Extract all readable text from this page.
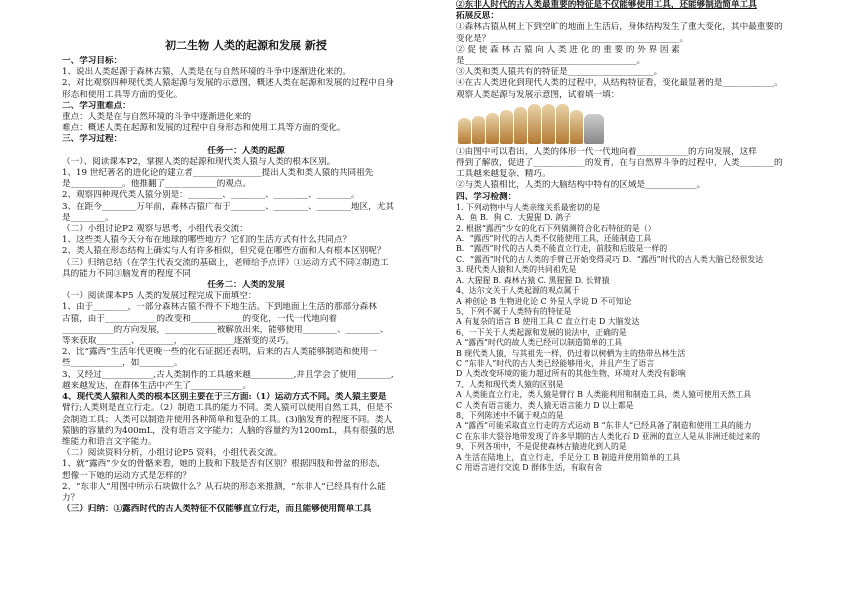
初二生物 人类的起源和发展 新授
一、学习目标：
1、说出人类起源于森林古猿，人类是在与自然环境的斗争中逐渐进化来的。
2、对比观察四种现代类人猿起源与发展的示意图，概述人类在起源和发展的过程中自身
形态和使用工具等方面的变化。
二、学习重难点：
重点：人类是在与自然环境的斗争中逐渐进化来的
难点：概述人类在起源和发展的过程中自身形态和使用工具等方面的变化。
三、学习过程：
任务一：人类的起源
（一）、阅读课本P2，掌握人类的起源和现代类人猿与人类的根本区别。
1、19 世纪著名的进化论的建立者________________提出人类和类人猿的共同祖先
是____________。他推翻了____________的观点。
2、观察四种现代类人猿分别是：________、________、________、________。
3、在距今________万年前，森林古猿广布于________、________、________地区，尤其
是________。
（二）小组讨论P2 观察与思考，小组代表交流：
1、这些类人猿今天分布在地球的哪些地方？它们的生活方式有什么共同点？
2、类人猿在形态结构上确实与人有许多相似，但究竟在哪些方面和人有根本区别呢？
（三）归纳总结（在学生代表交流的基础上，老师给予点评）①运动方式不同②制造工
具的能力不同③脑发育的程度不同
任务二：人类的发展
（一）阅读课本P5 人类的发展过程完成下面填空：
1、由于________，一部分森林古猿不得不下地生活。下到地面上生活的那部分森林
古猿，由于____________的改变和____________的变化，一代一代地向着
____________的方向发展，____________被解放出来，能够使用________、________、
等来获取________、________，____________逐渐变的灵巧。
2、比“露西”生活年代更晚一些的化石证据还表明，后来的古人类能够制造和使用一
些____________，如________。
3、又经过____________,古人类制作的工具越来越__________,并且学会了使用________,
越来越发达，在群体生活中产生了____________。
4、现代类人猿和人类的根本区别主要在于三方面:（1）运动方式不同。类人猿主要是
臂行;人类则是直立行走。（2）制造工具的能力不同。类人猿可以使用自然工具，但是不
会制造工具；人类可以制造并使用各种简单和复杂的工具。(3)脑发育的程度不同。类人
猿脑的容量约为400mL，没有语言文字能力；人脑的容量约为1200mL，具有很强的思
维能力和语言文字能力。
（二）阅读资料分析，小组讨论P5 资料，小组代表交流。
1、就“露西”少女的骨骼来看，她的上肢和下肢是否有区别？根据四肢和骨盆的形态,
想像一下她的运动方式是怎样的？
2、“东非人”用图中所示石块做什么？从石块的形态来推测，“东非人”已经具有什么能
力？
（三）归纳：①露西时代的古人类特征不仅能够直立行走，而且能够使用简单工具
②东非人时代的古人类最重要的特征是不仅能够使用工具，还能够制造简单工具
拓展反思：
①森林古猿从树上下到空旷的地面上生活后，身体结构发生了重大变化，其中最重要的
变化是？____________________________________________。
② 促 使 森 林 古 猿 向 人 类 进 化 的 重 要 的 外 界 因 素
是________________________________________。
③人类和类人猿共有的特征是____________________。
④在古人类进化到现代人类的过程中，从结构特征看，变化最显著的是____________。
观察人类起源与发展示意图，试着填一填：
①由图中可以看出，人类的体形一代一代地向着____________的方向发展，这样
得到了解放，促进了____________的发育，在与自然界斗争的过程中，人类________的
工具越来越复杂、精巧。
②与类人猿相比，人类的大脑结构中特有的区域是____________。
四、学习检测：
1. 下列动物中与人类亲缘关系最密切的是
A．鱼 B．狗 C．大猩猩 D. 鸽子
2. 根据“露西”少女的化石下列猜测符合化石特征的是（）
A．“露西”时代的古人类不仅能使用工具，还能制造工具
B．“露西”时代的古人类不能直立行走，前肢和后肢是一样的
C．“露西”时代的古人类的手臂已开始变得灵巧 D．“露西”时代的古人类大脑已经很发达
3. 现代类人猿和人类的共同祖先是
A. 大猩猩 B. 森林古猿 C. 黑猩猩 D. 长臂猿
4、达尔文关于人类起源的观点属于
A 神创论 B 生物进化论 C 外星人学说 D 不可知论
5、下列不属于人类特有的特征是
A 有复杂的语言 B 使用工具 C 直立行走 D 大脑发达
6、一下关于人类起源和发展的说法中，正确的是
A “露西”时代的故人类已经可以制造简单的工具
B 现代类人猿，与其祖先一样，仍过着以树栖为主的热带丛林生活
C “东非人”时代的古人类已经能够用火，并且产生了语言
D 人类改变环境的能力超过所有的其他生物，环境对人类没有影响
7、人类和现代类人猿的区别是
A 人类能直立行走，类人猿是臂行 B 人类能利用和制造工具，类人猿可使用天然工具
C 人类有语言能力，类人猿无语言能力 D 以上都是
8、下列陈述中不属于观点的是
A “露西”可能采取直立行走的方式运动 B “东非人”已经具备了制造和使用工具的能力
C 在东非大裂谷地带发现了许多早期的古人类化石 D 亚洲的直立人是从非洲迁徙过来的
9、下列各项中，不是促使森林古猿进化到人的是
A 生活在陆地上，直立行走，手足分工 B 制造并使用简单的工具
C 用语言进行交流 D 群体生活，有取有舍
